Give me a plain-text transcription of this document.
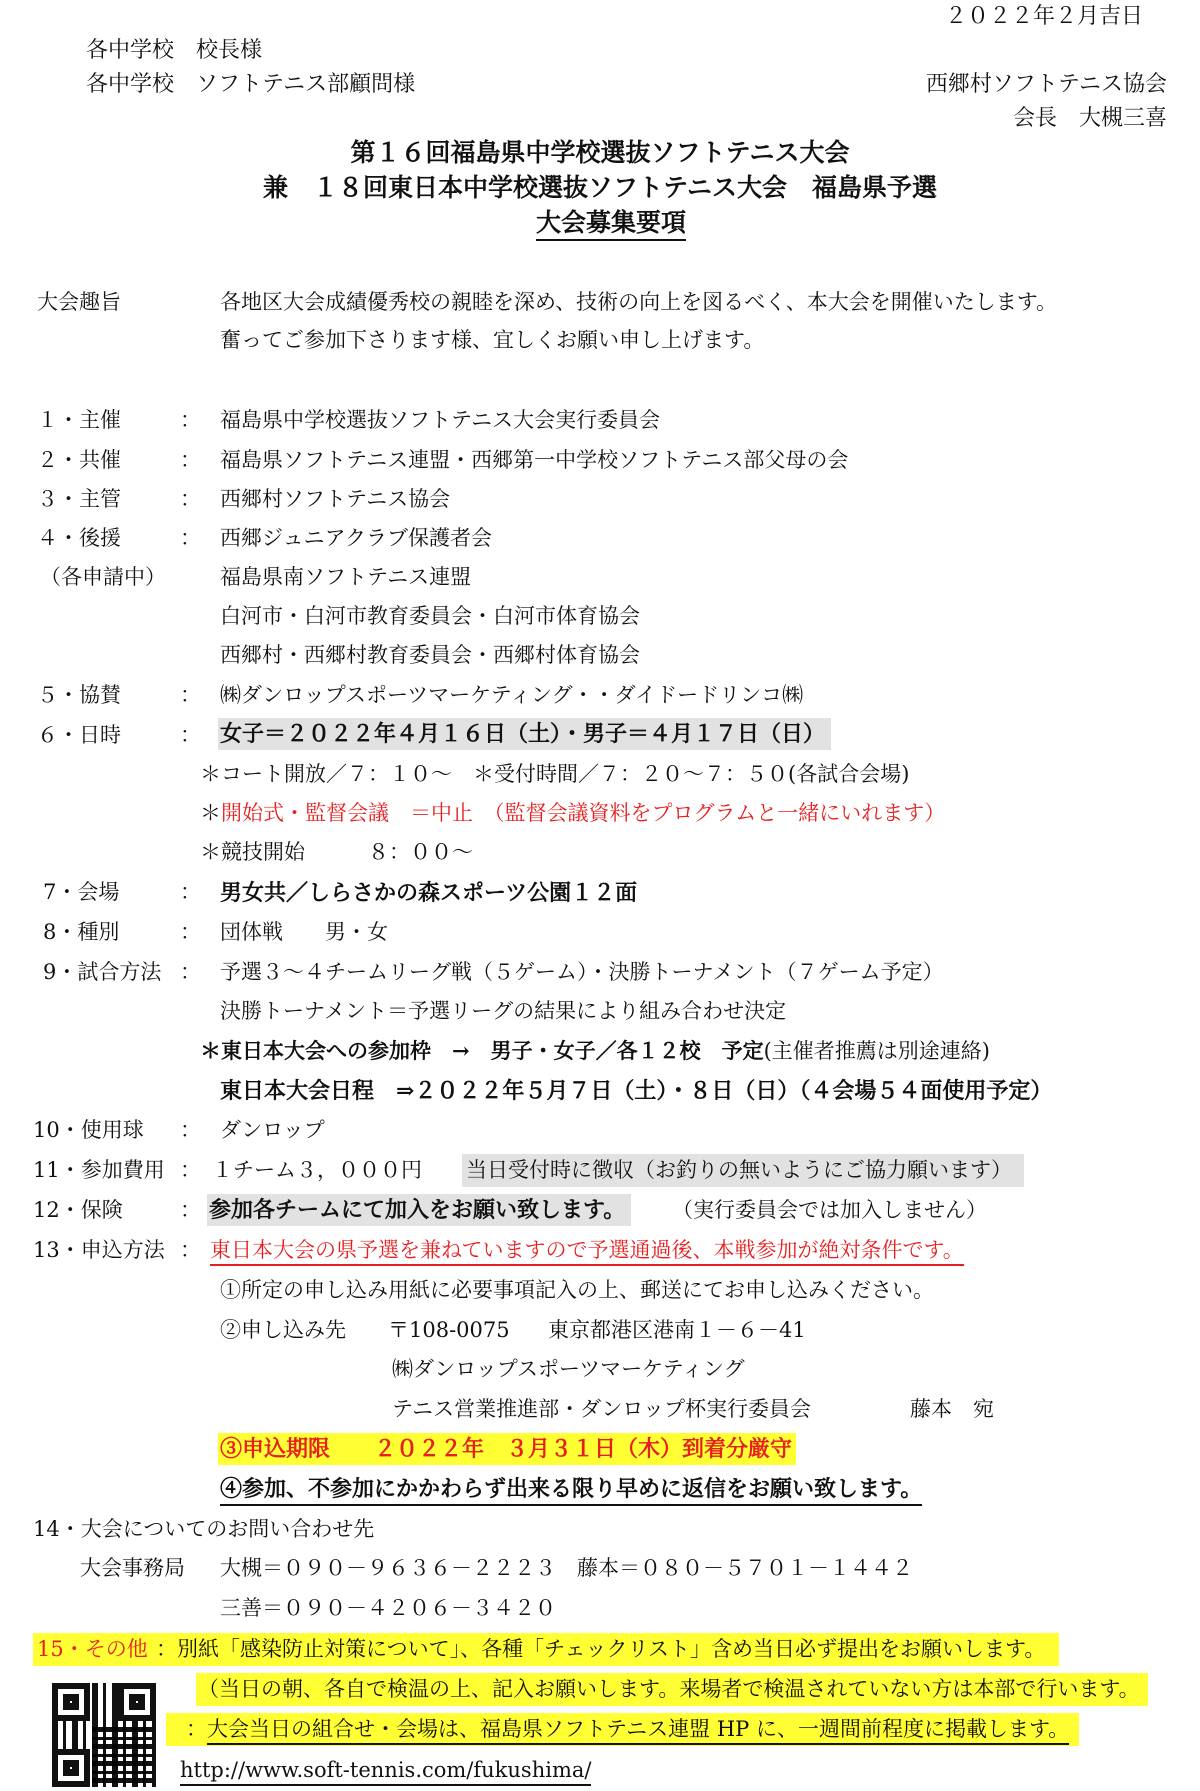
２０２２年２月吉日
各中学校　校長様
各中学校　ソフトテニス部顧問様	西郷村ソフトテニス協会
会長　大槻三喜
第１６回福島県中学校選抜ソフトテニス大会
兼　１８回東日本中学校選抜ソフトテニス大会　福島県予選
大会募集要項
大会趣旨	各地区大会成績優秀校の親睦を深め、技術の向上を図るべく、本大会を開催いたします。
奮ってご参加下さります様、宜しくお願い申し上げます。
１・主催	： 福島県中学校選抜ソフトテニス大会実行委員会
２・共催	： 福島県ソフトテニス連盟・西郷第一中学校ソフトテニス部父母の会
３・主管	： 西郷村ソフトテニス協会
４・後援	： 西郷ジュニアクラブ保護者会
（各申請中）	福島県南ソフトテニス連盟
白河市・白河市教育委員会・白河市体育協会
西郷村・西郷村教育委員会・西郷村体育協会
５・協賛	： ㈱ダンロップスポーツマーケティング・・ダイドードリンコ㈱
６・日時	： 女子＝２０２２年４月１６日（土）・男子＝４月１７日（日）
＊コート開放／７：１０～　＊受付時間／７：２０～７：５０(各試合会場)
＊開始式・監督会議　＝中止　（監督会議資料をプログラムと一緒にいれます）
＊競技開始　　　８：００～
7・会場	： 男女共／しらさかの森スポーツ公園１２面
8・種別	： 団体戦　　男・女
9・試合方法 ： 予選３～４チームリーグ戦（５ゲーム）・決勝トーナメント（７ゲーム予定）
決勝トーナメント＝予選リーグの結果により組み合わせ決定
＊東日本大会への参加枠　→　男子・女子／各１２校　予定(主催者推薦は別途連絡)
東日本大会日程　⇒２０２２年５月７日（土）・８日（日）（４会場５４面使用予定）
10・使用球 ： ダンロップ
11・参加費用 ： １チーム３，０００円 当日受付時に徴収（お釣りの無いようにご協力願います）
12・保険	： 参加各チームにて加入をお願い致します。 （実行委員会では加入しません）
13・申込方法 ： 東日本大会の県予選を兼ねていますので予選通過後、本戦参加が絶対条件です。
①所定の申し込み用紙に必要事項記入の上、郵送にてお申し込みください。
②申し込み先 〒108-0075 東京都港区港南１－６－41
㈱ダンロップスポーツマーケティング
テニス営業推進部・ダンロップ杯実行委員会	藤本　宛
③申込期限　　２０２２年　３月３１日（木）到着分厳守
④参加、不参加にかかわらず出来る限り早めに返信をお願い致します。
14・大会についてのお問い合わせ先
大会事務局 大槻＝０９０－９６３６－２２２３　藤本＝０８０－５７０１－１４４２
三善＝０９０－４２０６－３４２０
15・その他 ：別紙「感染防止対策について」、各種「チェックリスト」含め当日必ず提出をお願いします。
（当日の朝、各自で検温の上、記入お願いします。来場者で検温されていない方は本部で行います。
：大会当日の組合せ・会場は、福島県ソフトテニス連盟 HP に、一週間前程度に掲載します。
http://www.soft-tennis.com/fukushima/
